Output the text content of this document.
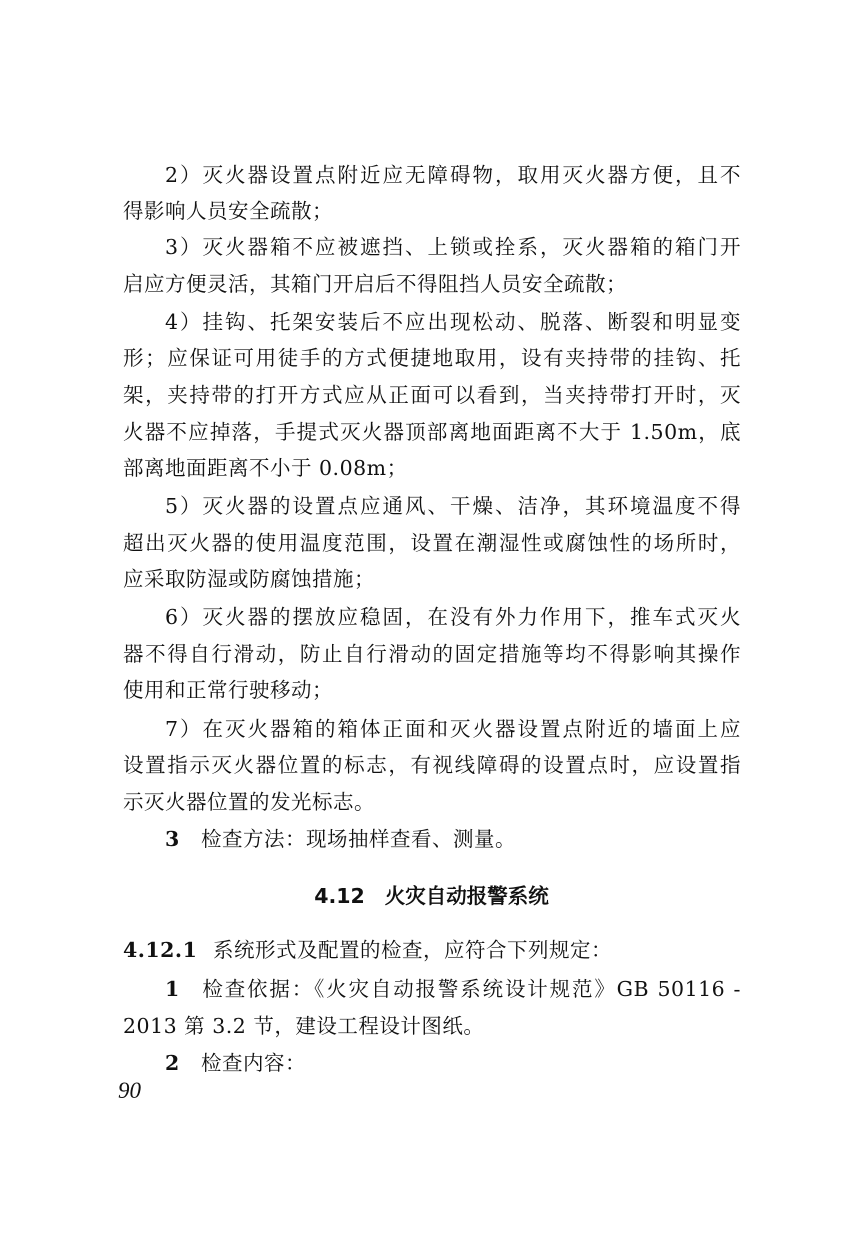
2）灭火器设置点附近应无障碍物，取用灭火器方便，且不
得影响人员安全疏散；
3）灭火器箱不应被遮挡、上锁或拴系，灭火器箱的箱门开
启应方便灵活，其箱门开启后不得阻挡人员安全疏散；
4）挂钩、托架安装后不应出现松动、脱落、断裂和明显变
形；应保证可用徒手的方式便捷地取用，设有夹持带的挂钩、托
架，夹持带的打开方式应从正面可以看到，当夹持带打开时，灭
火器不应掉落，手提式灭火器顶部离地面距离不大于 1.50m，底
部离地面距离不小于 0.08m；
5）灭火器的设置点应通风、干燥、洁净，其环境温度不得
超出灭火器的使用温度范围，设置在潮湿性或腐蚀性的场所时，
应采取防湿或防腐蚀措施；
6）灭火器的摆放应稳固，在没有外力作用下，推车式灭火
器不得自行滑动，防止自行滑动的固定措施等均不得影响其操作
使用和正常行驶移动；
7）在灭火器箱的箱体正面和灭火器设置点附近的墙面上应
设置指示灭火器位置的标志，有视线障碍的设置点时，应设置指
示灭火器位置的发光标志。
3 检查方法：现场抽样查看、测量。
4.12 火灾自动报警系统
4.12.1 系统形式及配置的检查，应符合下列规定：
1 检查依据：《火灾自动报警系统设计规范》GB 50116 -
2013 第 3.2 节，建设工程设计图纸。
2 检查内容：
90
